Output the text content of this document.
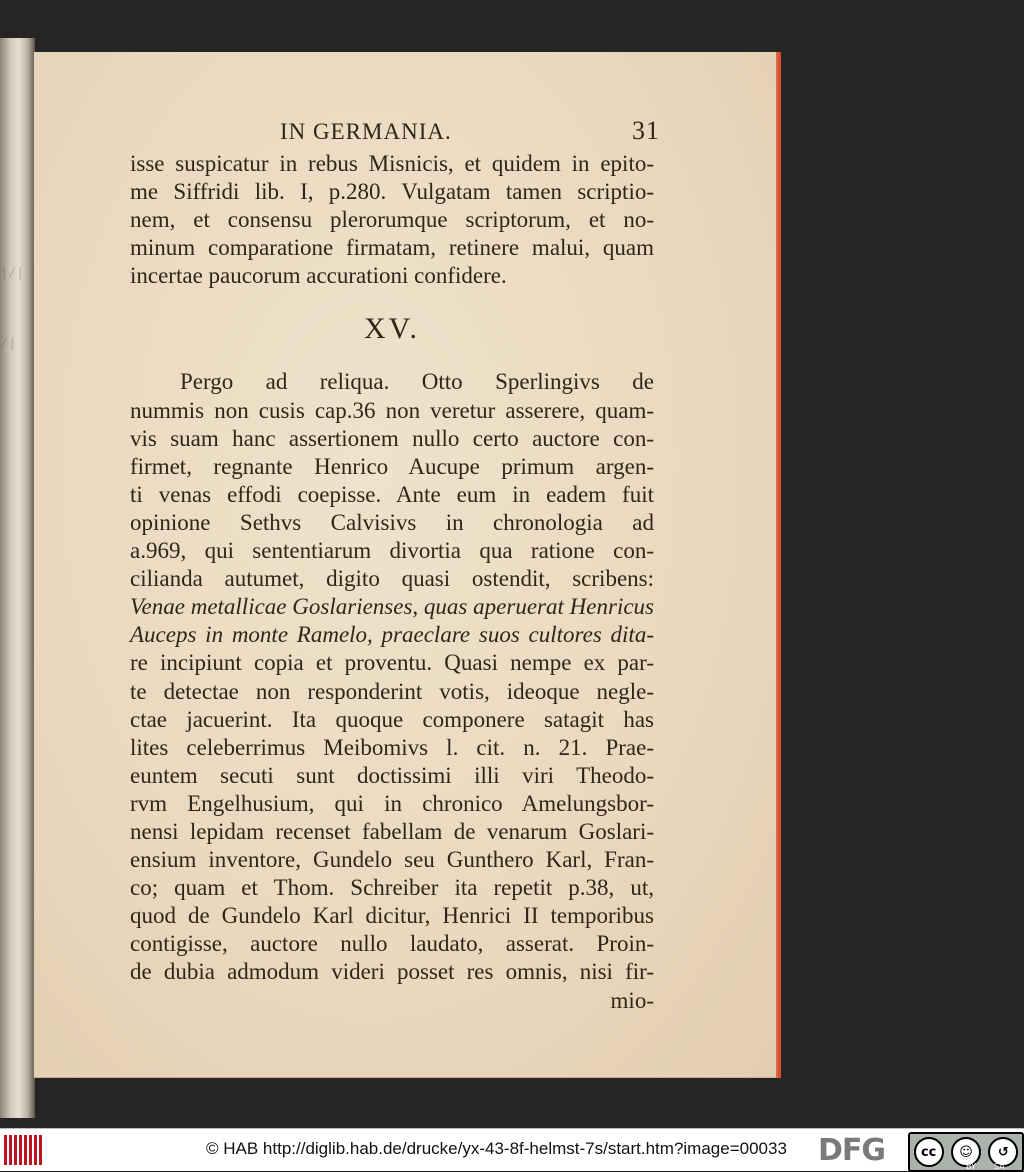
| / | / |
IN GERMANIA.	31
isse suspicatur in rebus Misnicis, et quidem in epito-
me Siffridi lib. I, p.280. Vulgatam tamen scriptio-
nem, et consensu plerorumque scriptorum, et no-
minum comparatione firmatam, retinere malui, quam
incertae paucorum accurationi confidere.
XV.
Pergo ad reliqua. Otto Sperlingivs de
nummis non cusis cap.36 non veretur asserere, quam-
vis suam hanc assertionem nullo certo auctore con-
firmet, regnante Henrico Aucupe primum argen-
ti venas effodi coepisse. Ante eum in eadem fuit
opinione Sethvs Calvisivs in chronologia ad
a.969, qui sententiarum divortia qua ratione con-
cilianda autumet, digito quasi ostendit, scribens:
Venae metallicae Goslarienses, quas aperuerat Henricus
Auceps in monte Ramelo, praeclare suos cultores dita-
re incipiunt copia et proventu. Quasi nempe ex par-
te detectae non responderint votis, ideoque negle-
ctae jacuerint. Ita quoque componere satagit has
lites celeberrimus Meibomivs l. cit. n. 21. Prae-
euntem secuti sunt doctissimi illi viri Theodo-
rvm Engelhusium, qui in chronico Amelungsbor-
nensi lepidam recenset fabellam de venarum Goslari-
ensium inventore, Gundelo seu Gunthero Karl, Fran-
co; quam et Thom. Schreiber ita repetit p.38, ut,
quod de Gundelo Karl dicitur, Henrici II temporibus
contigisse, auctore nullo laudato, asserat. Proin-
de dubia admodum videri posset res omnis, nisi fir-
mio-
© HAB http://diglib.hab.de/drucke/yx-43-8f-helmst-7s/start.htm?image=00033 DFG	cc	☺	↺
BY SA
